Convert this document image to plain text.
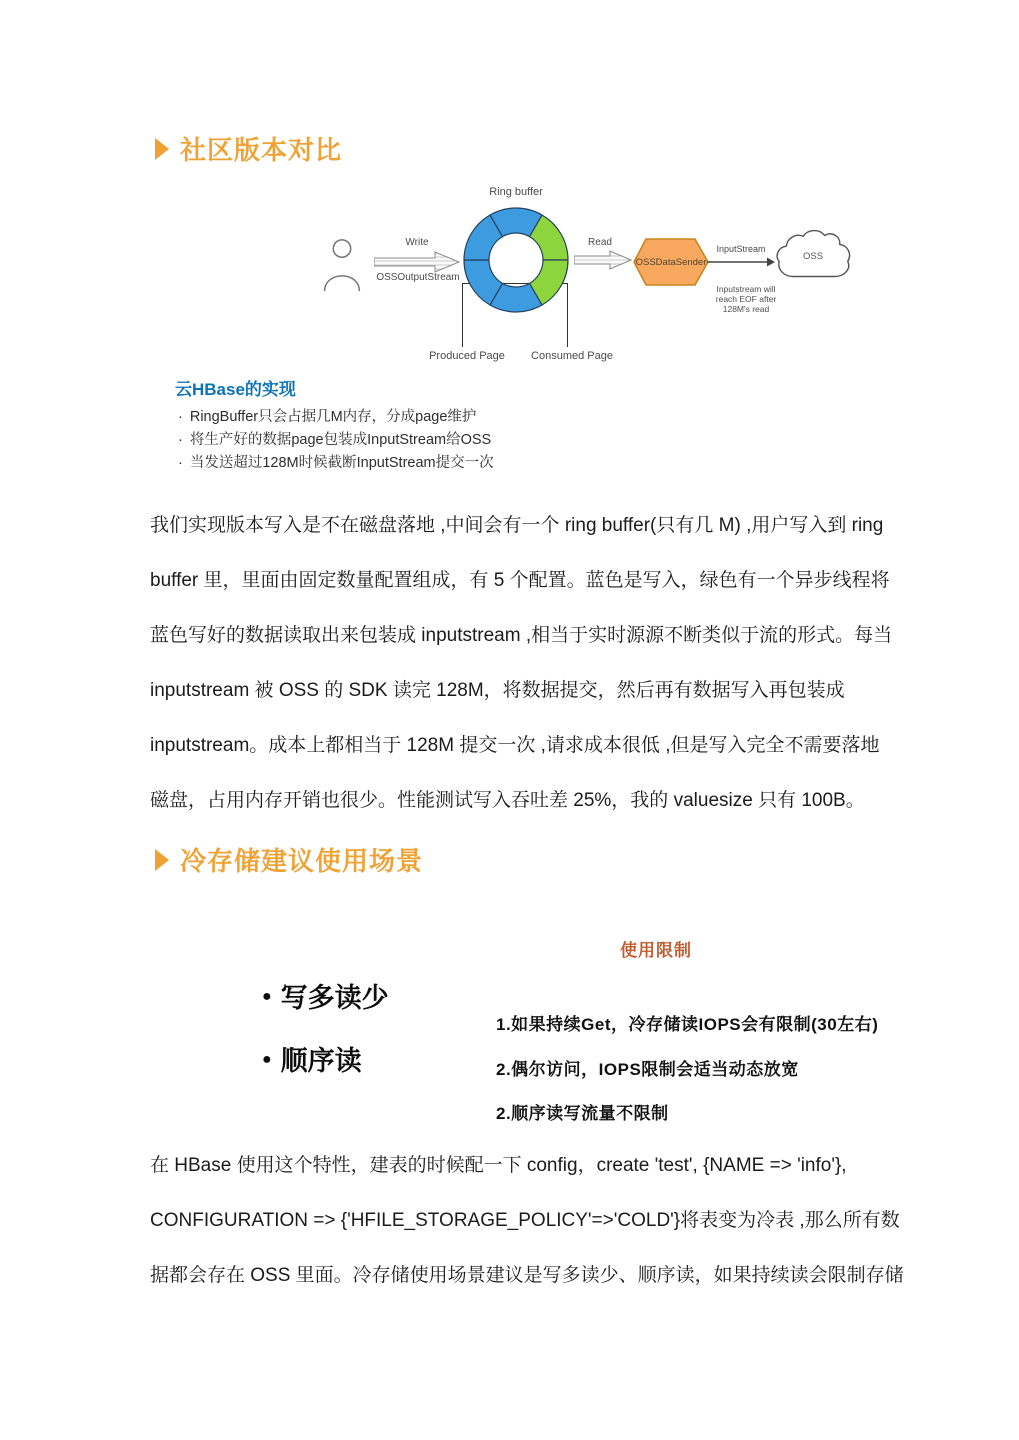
社区版本对比
Ring buffer
Write
OSSOutputStream
Produced Page	Consumed Page
Read
OSSDataSender
InputStream
OSS
Inputstream will
reach EOF after
128M's read
云HBase的实现
· RingBuffer只会占据几M内存，分成page维护
· 将生产好的数据page包装成InputStream给OSS
· 当发送超过128M时候截断InputStream提交一次
我们实现版本写入是不在磁盘落地 ,中间会有一个 ring buffer(只有几 M) ,用户写入到 ring
buffer 里，里面由固定数量配置组成，有 5 个配置。蓝色是写入，绿色有一个异步线程将
蓝色写好的数据读取出来包装成 inputstream ,相当于实时源源不断类似于流的形式。每当
inputstream 被 OSS 的 SDK 读完 128M，将数据提交，然后再有数据写入再包装成
inputstream。成本上都相当于 128M 提交一次 ,请求成本很低 ,但是写入完全不需要落地
磁盘，占用内存开销也很少。性能测试写入吞吐差 25%，我的 valuesize 只有 100B。
冷存储建议使用场景
使用限制
● 写多读少
● 顺序读
1.如果持续Get，冷存储读IOPS会有限制(30左右)
2.偶尔访问，IOPS限制会适当动态放宽
2.顺序读写流量不限制
在 HBase 使用这个特性，建表的时候配一下 config，create 'test', {NAME => 'info'},
CONFIGURATION => {'HFILE_STORAGE_POLICY'=>'COLD'}将表变为冷表 ,那么所有数
据都会存在 OSS 里面。冷存储使用场景建议是写多读少、顺序读，如果持续读会限制存储
